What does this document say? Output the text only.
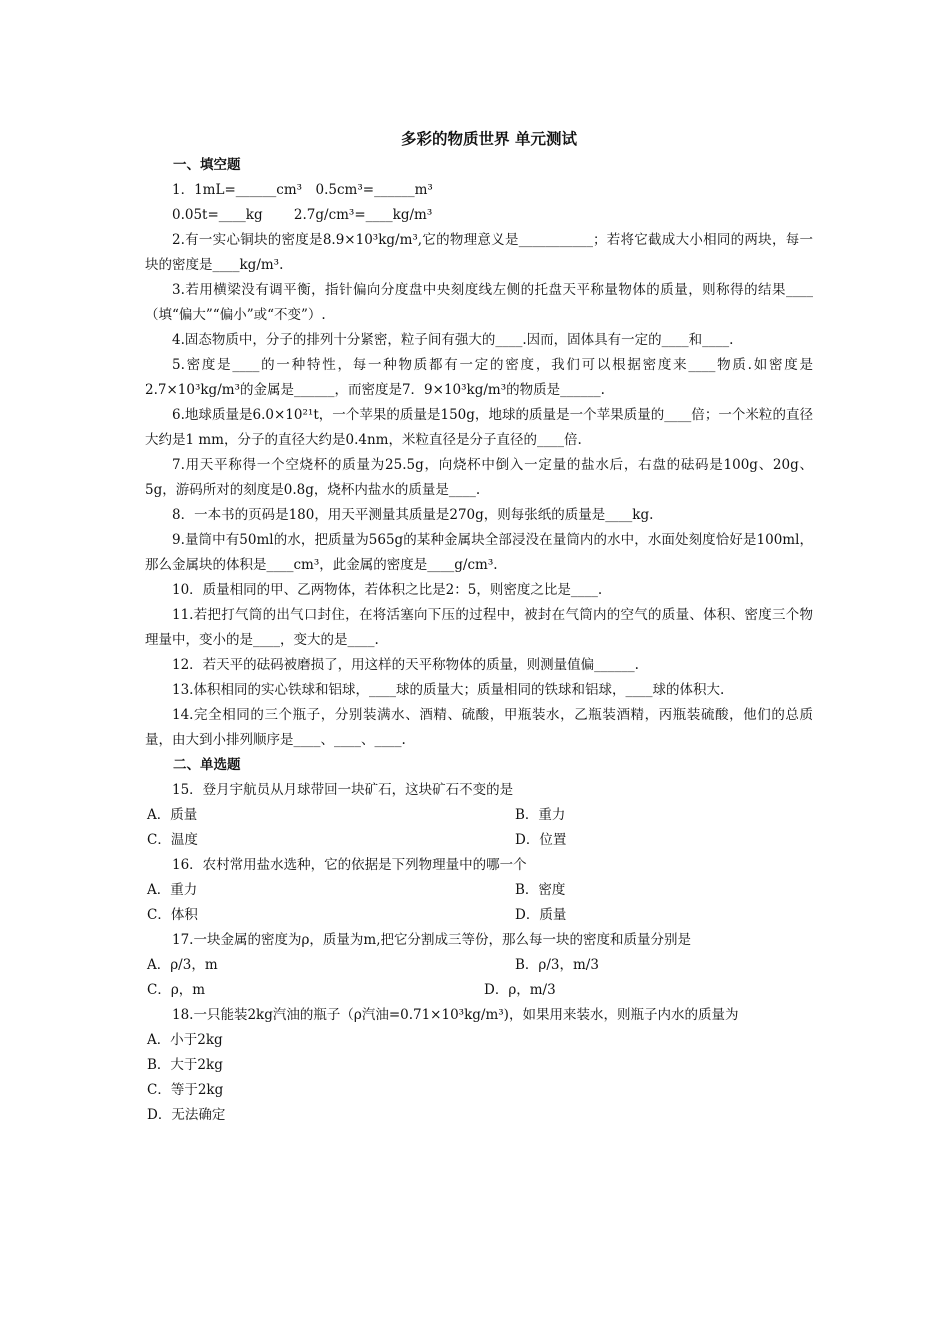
多彩的物质世界 单元测试
一、填空题
1．1mL=______cm³　0.5cm³=______m³
0.05t=____kg　　 2.7g/cm³=____kg/m³
2.有一实心铜块的密度是8.9×10³kg/m³,它的物理意义是___________；若将它截成大小相同的两块，每一块的密度是____kg/m³.
3.若用横梁没有调平衡，指针偏向分度盘中央刻度线左侧的托盘天平称量物体的质量，则称得的结果____（填“偏大”“偏小”或“不变”）.
4.固态物质中，分子的排列十分紧密，粒子间有强大的____.因而，固体具有一定的____和____.
5.密度是____的一种特性，每一种物质都有一定的密度，我们可以根据密度来____物质.如密度是2.7×10³kg/m³的金属是______，而密度是7．9×10³kg/m³的物质是______.
6.地球质量是6.0×10²¹t，一个苹果的质量是150g，地球的质量是一个苹果质量的____倍；一个米粒的直径大约是1 mm，分子的直径大约是0.4nm，米粒直径是分子直径的____倍.
7.用天平称得一个空烧杯的质量为25.5g，向烧杯中倒入一定量的盐水后，右盘的砝码是100g、20g、5g，游码所对的刻度是0.8g，烧杯内盐水的质量是____.
8．一本书的页码是180，用天平测量其质量是270g，则每张纸的质量是____kg.
9.量筒中有50ml的水，把质量为565g的某种金属块全部浸没在量筒内的水中，水面处刻度恰好是100ml，那么金属块的体积是____cm³，此金属的密度是____g/cm³.
10．质量相同的甲、乙两物体，若体积之比是2：5，则密度之比是____.
11.若把打气筒的出气口封住，在将活塞向下压的过程中，被封在气筒内的空气的质量、体积、密度三个物理量中，变小的是____，变大的是____.
12．若天平的砝码被磨损了，用这样的天平称物体的质量，则测量值偏______.
13.体积相同的实心铁球和铝球，____球的质量大；质量相同的铁球和铝球，____球的体积大.
14.完全相同的三个瓶子，分别装满水、酒精、硫酸，甲瓶装水，乙瓶装酒精，丙瓶装硫酸，他们的总质量，由大到小排列顺序是____、____、____.
二、单选题
15．登月宇航员从月球带回一块矿石，这块矿石不变的是
A．质量	B．重力
C．温度	D．位置
16．农村常用盐水选种，它的依据是下列物理量中的哪一个
A．重力	B．密度
C．体积	D．质量
17.一块金属的密度为ρ，质量为m,把它分割成三等份，那么每一块的密度和质量分别是
A．ρ/3，m	B．ρ/3，m/3
C．ρ，m	D．ρ，m/3
18.一只能装2kg汽油的瓶子（ρ汽油=0.71×10³kg/m³)，如果用来装水，则瓶子内水的质量为
A．小于2kg
B．大于2kg
C．等于2kg
D．无法确定
